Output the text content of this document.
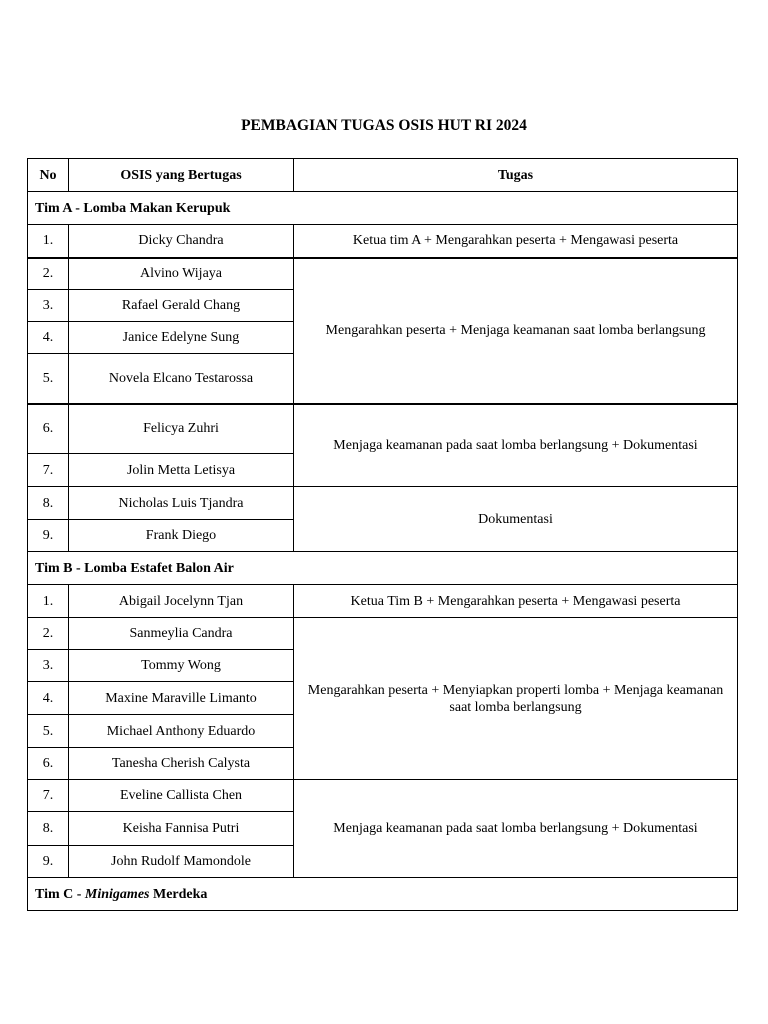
PEMBAGIAN TUGAS OSIS HUT RI 2024
No	OSIS yang Bertugas	Tugas
Tim A - Lomba Makan Kerupuk		
1.	Dicky Chandra	Ketua tim A + Mengarahkan peserta + Mengawasi peserta
2.	Alvino Wijaya	Mengarahkan peserta + Menjaga keamanan saat lomba berlangsung
3.	Rafael Gerald Chang	
4.	Janice Edelyne Sung	
5.	Novela Elcano Testarossa	
6.	Felicya Zuhri	Menjaga keamanan pada saat lomba berlangsung + Dokumentasi
7.	Jolin Metta Letisya	
8.	Nicholas Luis Tjandra	Dokumentasi
9.	Frank Diego	
Tim B - Lomba Estafet Balon Air		
1.	Abigail Jocelynn Tjan	Ketua Tim B + Mengarahkan peserta + Mengawasi peserta
2.	Sanmeylia Candra	Mengarahkan peserta + Menyiapkan properti lomba + Menjaga keamanan saat lomba berlangsung
3.	Tommy Wong	
4.	Maxine Maraville Limanto	
5.	Michael Anthony Eduardo	
6.	Tanesha Cherish Calysta	
7.	Eveline Callista Chen	Menjaga keamanan pada saat lomba berlangsung + Dokumentasi
8.	Keisha Fannisa Putri	
9.	John Rudolf Mamondole	
Tim C - Minigames Merdeka		
